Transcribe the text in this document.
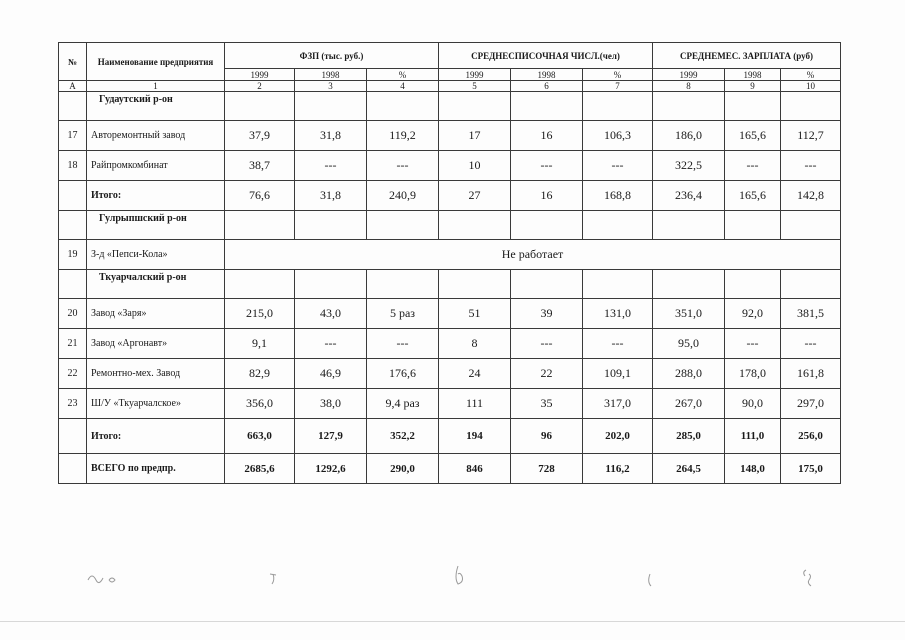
№	Наименование предприятия	ФЗП (тыс. руб.)			СРЕДНЕСПИСОЧНАЯ ЧИСЛ.(чел)			СРЕДНЕМЕС. ЗАРПЛАТА (руб)		
		1999	1998	%	1999	1998	%	1999	1998	%
А	1	2	3	4	5	6	7	8	9	10
	Гудаутский р-он									
17	Авторемонтный завод	37,9	31,8	119,2	17	16	106,3	186,0	165,6	112,7
18	Райпромкомбинат	38,7	---	---	10	---	---	322,5	---	---
	Итого:	76,6	31,8	240,9	27	16	168,8	236,4	165,6	142,8
	Гулрыпшский р-он									
19	З-д «Пепси-Кола»	Не работает								
	Ткуарчалский р-он									
20	Завод «Заря»	215,0	43,0	5 раз	51	39	131,0	351,0	92,0	381,5
21	Завод «Аргонавт»	9,1	---	---	8	---	---	95,0	---	---
22	Ремонтно-мех. Завод	82,9	46,9	176,6	24	22	109,1	288,0	178,0	161,8
23	Ш/У «Ткуарчалское»	356,0	38,0	9,4 раз	111	35	317,0	267,0	90,0	297,0
	Итого:	663,0	127,9	352,2	194	96	202,0	285,0	111,0	256,0
	ВСЕГО по предпр.	2685,6	1292,6	290,0	846	728	116,2	264,5	148,0	175,0
